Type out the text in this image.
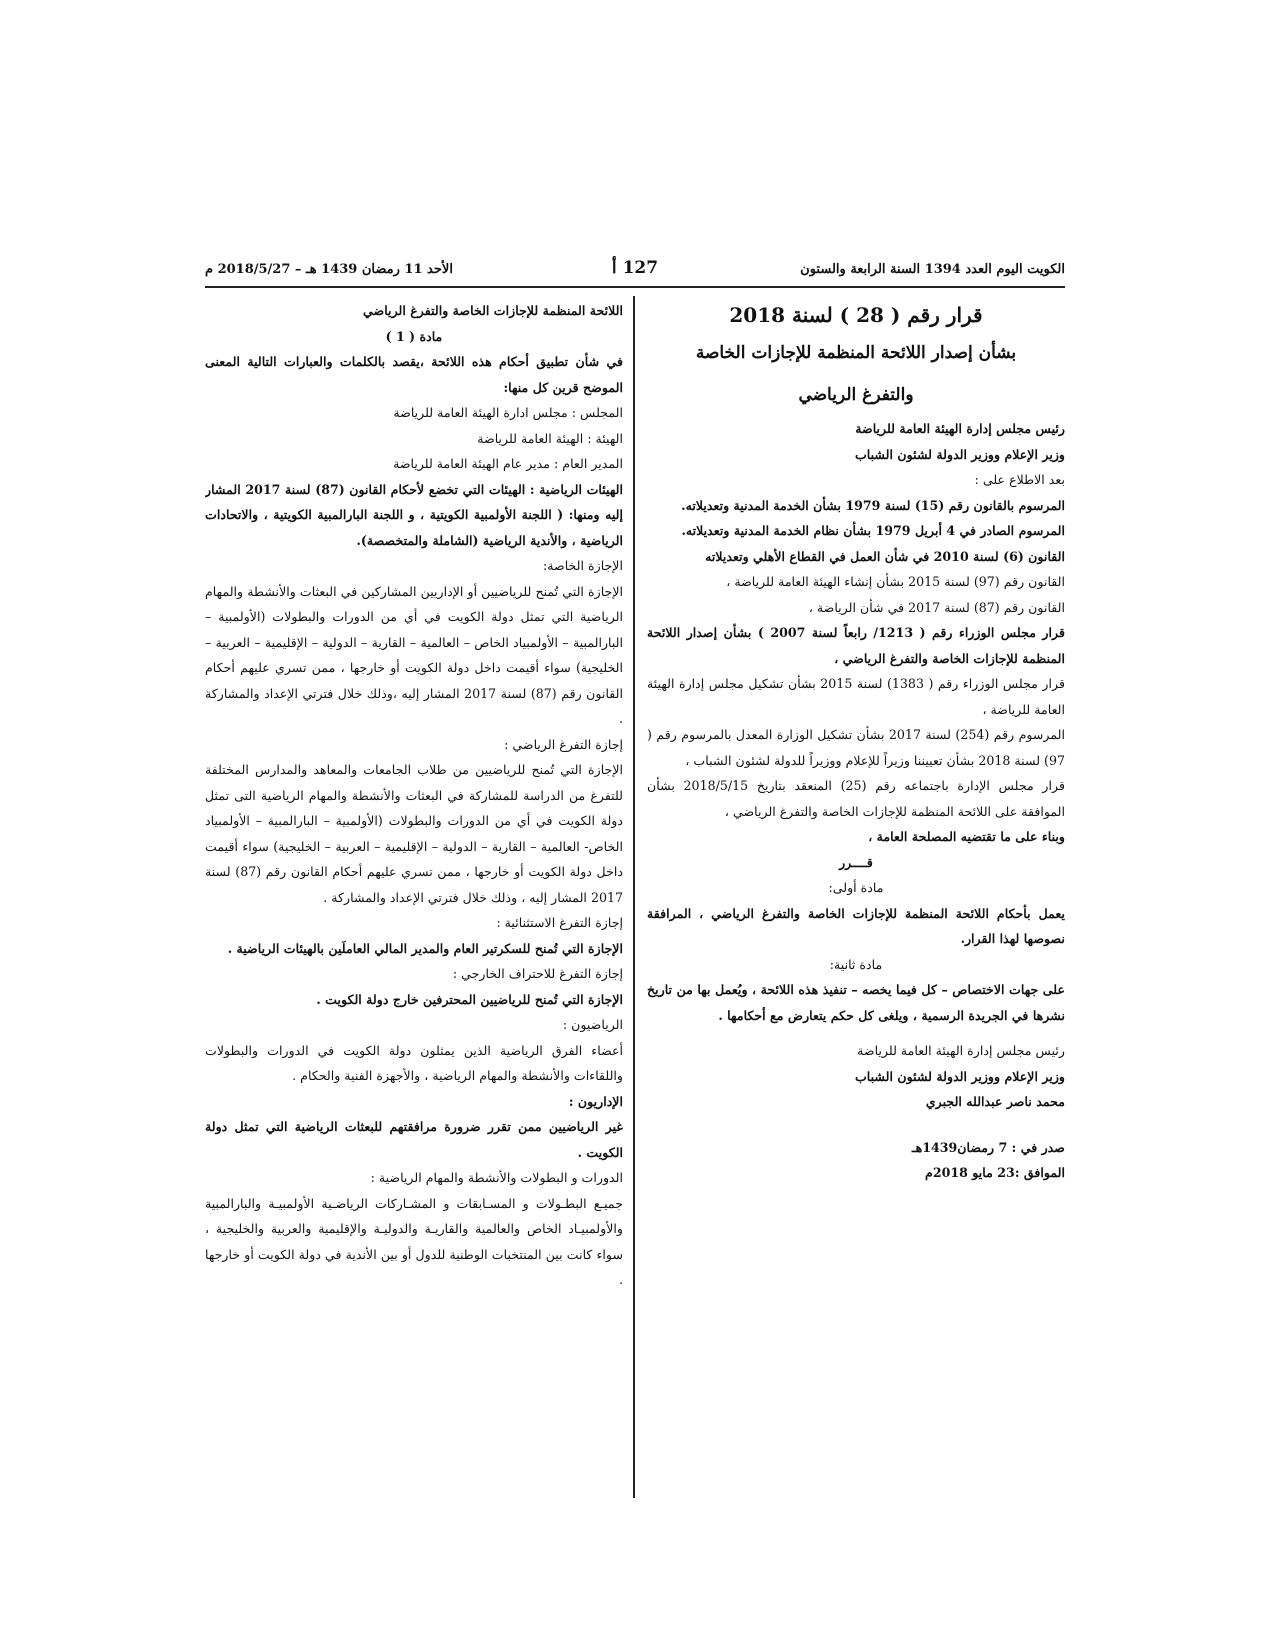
الكويت اليوم العدد 1394 السنة الرابعة والستون
127 أ
الأحد 11 رمضان 1439 هـ – 2018/5/27 م

قرار رقم ( 28 ) لسنة 2018

بشأن إصدار اللائحة المنظمة للإجازات الخاصة

والتفرغ الرياضي

رئيس مجلس إدارة الهيئة العامة للرياضة

وزير الإعلام ووزير الدولة لشئون الشباب

بعد الاطلاع على :

المرسوم بالقانون رقم (15) لسنة 1979 بشأن الخدمة المدنية وتعديلاته.

المرسوم الصادر في 4 أبريل 1979 بشأن نظام الخدمة المدنية وتعديلاته.

القانون (6) لسنة 2010 في شأن العمل في القطاع الأهلي وتعديلاته

القانون رقم (97) لسنة 2015 بشأن إنشاء الهيئة العامة للرياضة ،

القانون رقم (87) لسنة 2017 في شأن الرياضة ،

قرار مجلس الوزراء رقم ( 1213/ رابعاً لسنة 2007 ) بشأن إصدار اللائحة المنظمة للإجازات الخاصة والتفرغ الرياضي ،

قرار مجلس الوزراء رقم ( 1383) لسنة 2015 بشأن تشكيل مجلس إدارة الهيئة العامة للرياضة ،

المرسوم رقم (254) لسنة 2017 بشأن تشكيل الوزارة المعدل بالمرسوم رقم ( 97) لسنة 2018 بشأن تعييننا وزيراً للإعلام ووزيراً للدولة لشئون الشباب ،

قرار مجلس الإدارة باجتماعه رقم (25) المنعقد بتاريخ 2018/5/15 بشأن الموافقة على اللائحة المنظمة للإجازات الخاصة والتفرغ الرياضي ،

وبناء على ما تقتضيه المصلحة العامة ،

قــــرر

مادة أولى:

يعمل بأحكام اللائحة المنظمة للإجازات الخاصة والتفرغ الرياضي ، المرافقة نصوصها لهذا القرار.

مادة ثانية:

على جهات الاختصاص – كل فيما يخصه – تنفيذ هذه اللائحة ، ويُعمل بها من تاريخ نشرها في الجريدة الرسمية ، ويلغى كل حكم يتعارض مع أحكامها .

رئيس مجلس إدارة الهيئة العامة للرياضة

وزير الإعلام ووزير الدولة لشئون الشباب

محمد ناصر عبدالله الجبري

صدر في : 7 رمضان1439هـ

الموافق :23 مايو 2018م

اللائحة المنظمة للإجازات الخاصة والتفرغ الرياضي

مادة ( 1 )

في شأن تطبيق أحكام هذه اللائحة ،يقصد بالكلمات والعبارات التالية المعنى الموضح قرين كل منها:

المجلس : مجلس ادارة الهيئة العامة للرياضة

الهيئة : الهيئة العامة للرياضة

المدير العام : مدير عام الهيئة العامة للرياضة

الهيئات الرياضية : الهيئات التي تخضع لأحكام القانون (87) لسنة 2017 المشار إليه ومنها: ( اللجنة الأولمبية الكويتية ، و اللجنة البارالمبية الكويتية ، والاتحادات الرياضية ، والأندية الرياضية (الشاملة والمتخصصة).

الإجازة الخاصة:

الإجازة التي تُمنح للرياضيين أو الإداريين المشاركين في البعثات والأنشطة والمهام الرياضية التي تمثل دولة الكويت في أي من الدورات والبطولات (الأولمبية – البارالمبية – الأولمبياد الخاص – العالمية – القارية – الدولية – الإقليمية – العربية – الخليجية) سواء أقيمت داخل دولة الكويت أو خارجها ، ممن تسري عليهم أحكام القانون رقم (87) لسنة 2017 المشار إليه ،وذلك خلال فترتي الإعداد والمشاركة .

إجازة التفرغ الرياضي :

الإجازة التي تُمنح للرياضيين من طلاب الجامعات والمعاهد والمدارس المختلفة للتفرغ من الدراسة للمشاركة في البعثات والأنشطة والمهام الرياضية التى تمثل دولة الكويت في أي من الدورات والبطولات (الأولمبية – البارالمبية – الأولمبياد الخاص- العالمية – القارية – الدولية – الإقليمية – العربية – الخليجية) سواء أقيمت داخل دولة الكويت أو خارجها ، ممن تسري عليهم أحكام القانون رقم (87) لسنة 2017 المشار إليه ، وذلك خلال فترتي الإعداد والمشاركة .

إجازة التفرغ الاستثنائية :

الإجازة التي تُمنح للسكرتير العام والمدير المالي العاملَين بالهيئات الرياضية .

إجازة التفرغ للاحتراف الخارجي :

الإجازة التي تُمنح للرياضيين المحترفين خارج دولة الكويت .

الرياضيون :

أعضاء الفرق الرياضية الذين يمثلون دولة الكويت في الدورات والبطولات واللقاءات والأنشطة والمهام الرياضية ، والأجهزة الفنية والحكام .

الإداريون :

غير الرياضيين ممن تقرر ضرورة مرافقتهم للبعثات الرياضية التي تمثل دولة الكويت .

الدورات و البطولات والأنشطة والمهام الرياضية :

جميـع البطـولات و المسـابقات و المشـاركات الرياضـية الأولمبيـة والبارالمبية والأولمبيـاد الخاص والعالمية والقاريـة والدوليـة والإقليمية والعربية والخليجية ، سواء كانت بين المنتخبات الوطنية للدول أو بين الأندية في دولة الكويت أو خارجها .
